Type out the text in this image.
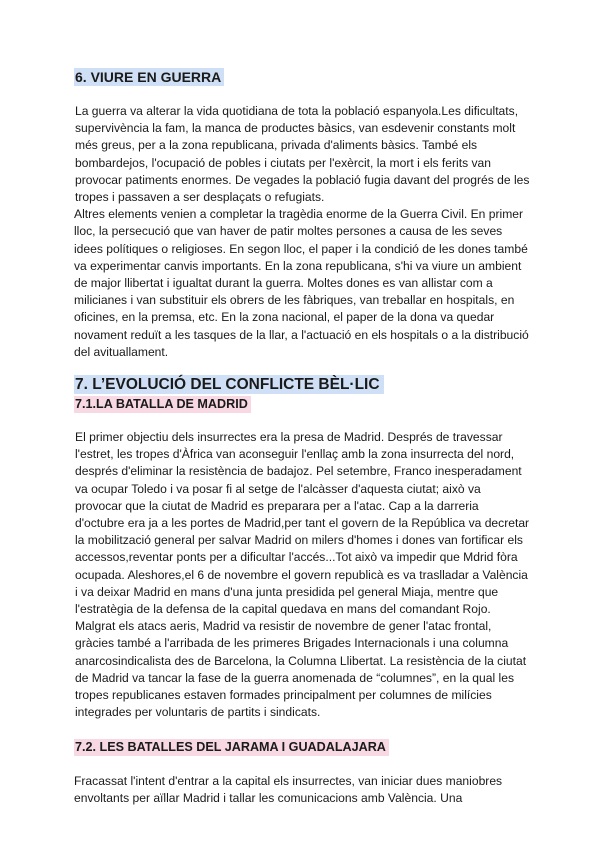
6. VIURE EN GUERRA

La guerra va alterar la vida quotidiana de tota la població espanyola.Les dificultats, supervivència la fam, la manca de productes bàsics, van esdevenir constants molt més greus, per a la zona republicana, privada d'aliments bàsics. També els bombardejos, l'ocupació de pobles i ciutats per l'exèrcit, la mort i els ferits van provocar patiments enormes. De vegades la població fugia davant del progrés de les tropes i passaven a ser desplaçats o refugiats.

Altres elements venien a completar la tragèdia enorme de la Guerra Civil. En primer lloc, la persecució que van haver de patir moltes persones a causa de les seves idees polítiques o religioses. En segon lloc, el paper i la condició de les dones també va experimentar canvis importants. En la zona republicana, s'hi va viure un ambient de major llibertat i igualtat durant la guerra. Moltes dones es van allistar com a milicianes i van substituir els obrers de les fàbriques, van treballar en hospitals, en oficines, en la premsa, etc. En la zona nacional, el paper de la dona va quedar novament reduït a les tasques de la llar, a l'actuació en els hospitals o a la distribució del avituallament.

7. L’EVOLUCIÓ DEL CONFLICTE BÈL·LIC
7.1.LA BATALLA DE MADRID

El primer objectiu dels insurrectes era la presa de Madrid. Després de travessar l'estret, les tropes d'Àfrica van aconseguir l'enllaç amb la zona insurrecta del nord, després d'eliminar la resistència de badajoz. Pel setembre, Franco inesperadament va ocupar Toledo i va posar fi al setge de l'alcàsser d'aquesta ciutat; això va provocar que la ciutat de Madrid es preparara per a l'atac. Cap a la darreria d'octubre era ja a les portes de Madrid,per tant el govern de la República va decretar la mobilització general per salvar Madrid on milers d'homes i dones van fortificar els accessos,reventar ponts per a dificultar l'accés...Tot això va impedir que Mdrid fòra ocupada. Aleshores,el 6 de novembre el govern republicà es va traslladar a València i va deixar Madrid en mans d'una junta presidida pel general Miaja, mentre que l'estratègia de la defensa de la capital quedava en mans del comandant Rojo. Malgrat els atacs aeris, Madrid va resistir de novembre de gener l'atac frontal, gràcies també a l'arribada de les primeres Brigades Internacionals i una columna anarcosindicalista des de Barcelona, la Columna Llibertat. La resistència de la ciutat de Madrid va tancar la fase de la guerra anomenada de “columnes”, en la qual les tropes republicanes estaven formades principalment per columnes de milícies integrades per voluntaris de partits i sindicats.

7.2. LES BATALLES DEL JARAMA I GUADALAJARA

Fracassat l'intent d'entrar a la capital els insurrectes, van iniciar dues maniobres envoltants per aïllar Madrid i tallar les comunicacions amb València. Una
